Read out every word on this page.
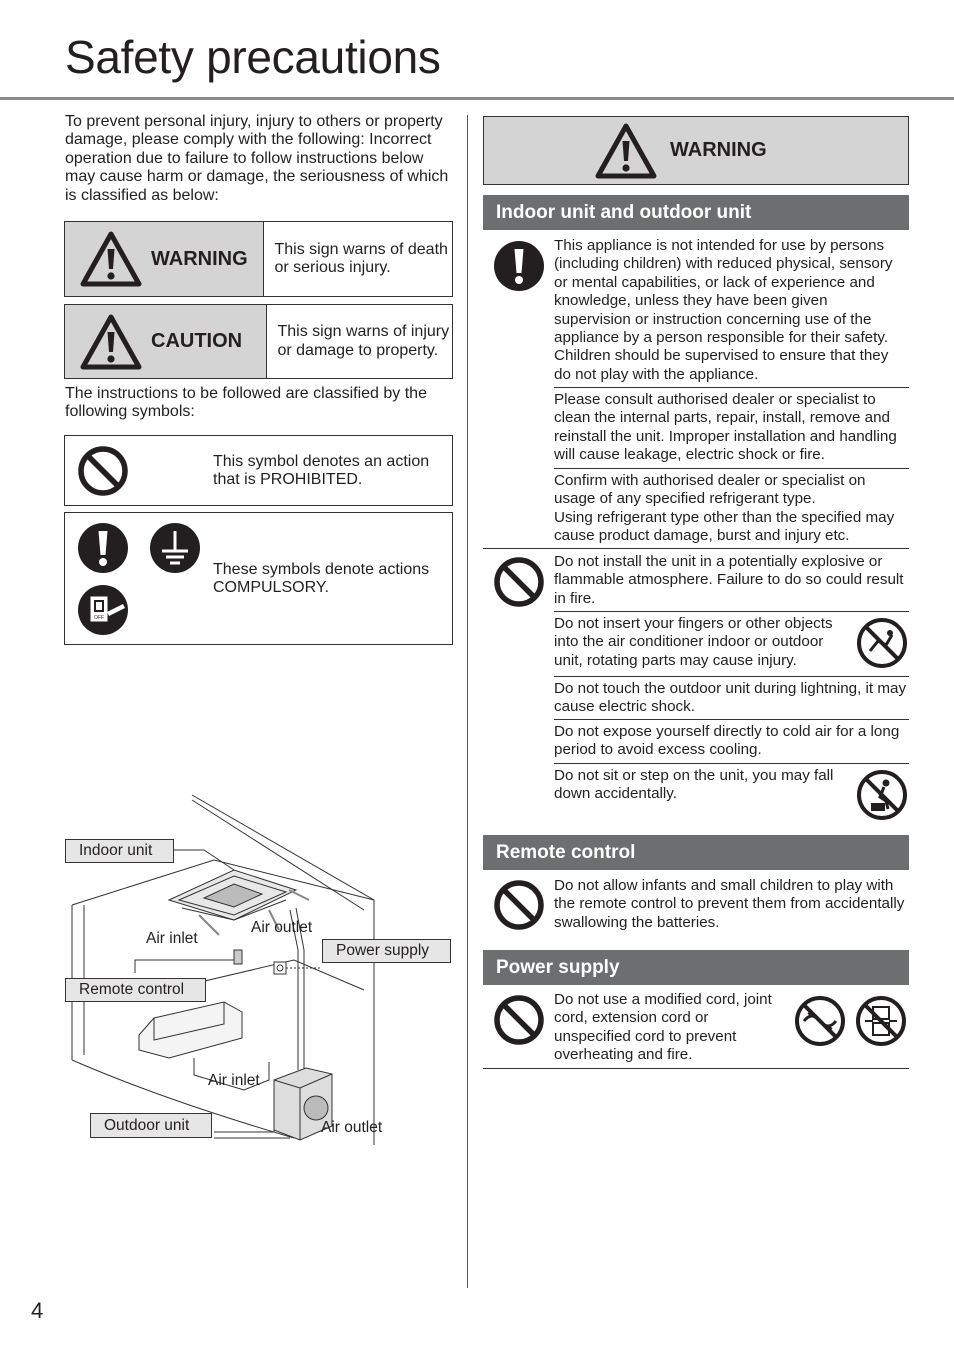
Safety precautions
To prevent personal injury, injury to others or property damage, please comply with the following: Incorrect operation due to failure to follow instructions below may cause harm or damage, the seriousness of which is classified as below:
WARNING	This sign warns of death or serious injury.
CAUTION	This sign warns of injury or damage to property.
The instructions to be followed are classified by the following symbols:
This symbol denotes an action that is PROHIBITED.
OFF
These symbols denote actions COMPULSORY.
Indoor unit
Air inlet
Air outlet
Power supply
Remote control
Air inlet
Outdoor unit	Air outlet
WARNING
Indoor unit and outdoor unit
This appliance is not intended for use by persons (including children) with reduced physical, sensory or mental capabilities, or lack of experience and knowledge, unless they have been given supervision or instruction concerning use of the appliance by a person responsible for their safety. Children should be supervised to ensure that they do not play with the appliance.
Please consult authorised dealer or specialist to clean the internal parts, repair, install, remove and reinstall the unit. Improper installation and handling will cause leakage, electric shock or fire.
Confirm with authorised dealer or specialist on usage of any specified refrigerant type.
Using refrigerant type other than the specified may cause product damage, burst and injury etc.
Do not install the unit in a potentially explosive or flammable atmosphere. Failure to do so could result in fire.
Do not insert your fingers or other objects into the air conditioner indoor or outdoor unit, rotating parts may cause injury.
Do not touch the outdoor unit during lightning, it may cause electric shock.
Do not expose yourself directly to cold air for a long period to avoid excess cooling.
Do not sit or step on the unit, you may fall down accidentally.
Remote control
Do not allow infants and small children to play with the remote control to prevent them from accidentally swallowing the batteries.
Power supply
Do not use a modified cord, joint cord, extension cord or unspecified cord to prevent overheating and fire.
4
